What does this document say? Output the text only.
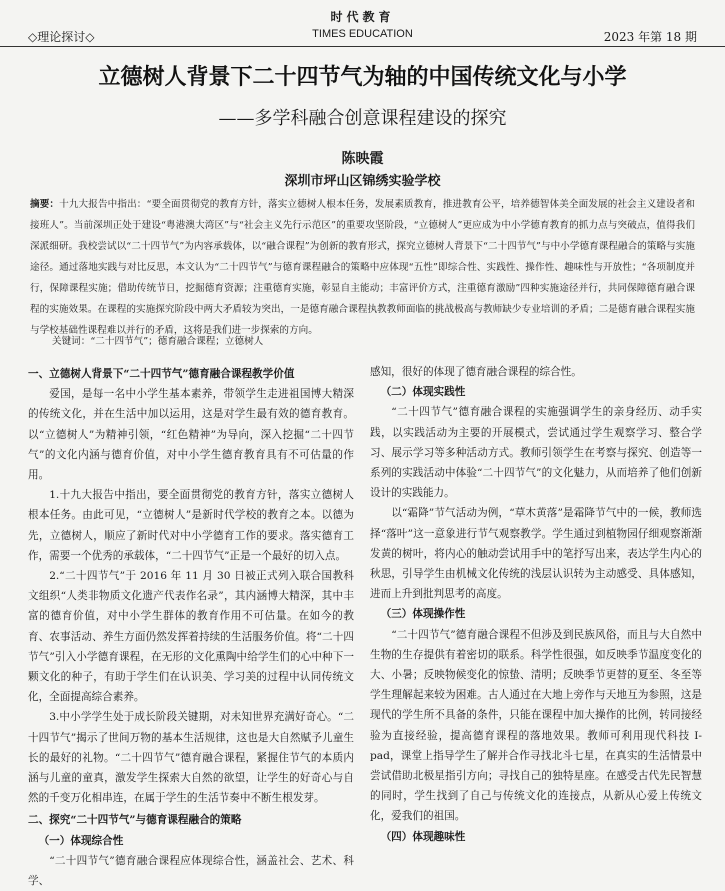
◇理论探讨◇
时代教育
TIMES EDUCATION	2023 年第 18 期
立德树人背景下二十四节气为轴的中国传统文化与小学
——多学科融合创意课程建设的探究
陈映霞
深圳市坪山区锦绣实验学校
摘要：十九大报告中指出：“要全面贯彻党的教育方针，落实立德树人根本任务，发展素质教育，推进教育公平，培养德智体美全面发展的社会主义建设者和接班人”。当前深圳正处于建设“粤港澳大湾区”与“社会主义先行示范区”的重要攻坚阶段，“立德树人”更应成为中小学德育教育的抓力点与突破点，值得我们深派细研。我校尝试以“二十四节气”为内容承载体，以“融合课程”为创新的教育形式，探究立德树人背景下“二十四节气”与中小学德育课程融合的策略与实施途径。通过落地实践与对比反思，本文认为“二十四节气”与德育课程融合的策略中应体现“五性”即综合性、实践性、操作性、趣味性与开放性；“各项制度并行，保障课程实施；借助传统节日，挖掘德育资源；注重德育实施，彰显自主能动；丰富评价方式，注重德育激励”四种实施途径并行，共同保障德育融合课程的实施效果。在课程的实施探究阶段中两大矛盾较为突出，一是德育融合课程执教教师面临的挑战极高与教师缺少专业培训的矛盾；二是德育融合课程实施与学校基础性课程难以并行的矛盾，这将是我们进一步探索的方向。
关键词：“二十四节气”；德育融合课程；立德树人

一、立德树人背景下“二十四节气”德育融合课程教学价值

爱国，是每一名中小学生基本素养，带领学生走进祖国博大精深的传统文化，并在生活中加以运用，这是对学生最有效的德育教育。以“立德树人”为精神引领，“红色精神”为导向，深入挖掘“二十四节气”的文化内涵与德育价值，对中小学生德育教育具有不可估量的作用。

1.十九大报告中指出，要全面贯彻党的教育方针，落实立德树人根本任务。由此可见，“立德树人”是新时代学校的教育之本。以德为先，立德树人，顺应了新时代对中小学德育工作的要求。落实德育工作，需要一个优秀的承载体，“二十四节气”正是一个最好的切入点。

2.“二十四节气”于 2016 年 11 月 30 日被正式列入联合国教科文组织“人类非物质文化遗产代表作名录”，其内涵博大精深，其中丰富的德育价值，对中小学生群体的教育作用不可估量。在如今的教育、农事活动、养生方面仍然发挥着持续的生活服务价值。将“二十四节气”引入小学德育课程，在无形的文化熏陶中给学生们的心中种下一颗文化的种子，有助于学生们在认识美、学习美的过程中认同传统文化，全面提高综合素养。

3.中小学学生处于成长阶段关键期，对未知世界充满好奇心。“二十四节气”揭示了世间万物的基本生活规律，这也是大自然赋予儿童生长的最好的礼物。“二十四节气”德育融合课程，紧握住节气的本质内涵与儿童的童真，激发学生探索大自然的欲望，让学生的好奇心与自然的千变万化相串连，在属于学生的生活节奏中不断生根发芽。

二、探究“二十四节气”与德育课程融合的策略

（一）体现综合性

“二十四节气”德育融合课程应体现综合性，涵盖社会、艺术、科学、

感知，很好的体现了德育融合课程的综合性。

（二）体现实践性

“二十四节气”德育融合课程的实施强调学生的亲身经历、动手实践，以实践活动为主要的开展模式，尝试通过学生观察学习、整合学习、展示学习等多种活动方式。教师引领学生在考察与探究、创造等一系列的实践活动中体验“二十四节气”的文化魅力，从而培养了他们创新设计的实践能力。

以“霜降”节气活动为例，“草木黄落”是霜降节气中的一候，教师选择“落叶”这一意象进行节气观察教学。学生通过到植物园仔细观察渐渐发黄的树叶，将内心的触动尝试用手中的笔抒写出来，表达学生内心的秋思，引导学生由机械文化传统的浅层认识转为主动感受、具体感知，进而上升到批判思考的高度。

（三）体现操作性

“二十四节气”德育融合课程不但涉及到民族风俗，而且与大自然中生物的生存提供有着密切的联系。科学性很强，如反映季节温度变化的大、小暑；反映物候变化的惊蛰、清明；反映季节更替的夏至、冬至等学生理解起来较为困难。古人通过在大地上旁作与天地互为参照，这是现代的学生所不具备的条件，只能在课程中加大操作的比例，转同接经验为直接经验，提高德育课程的落地效果。教师可利用现代科技 I-pad，课堂上指导学生了解并合作寻找北斗七星，在真实的生活情景中尝试借助北极星指引方向；寻找自己的独特星座。在感受古代先民智慧的同时，学生找到了自己与传统文化的连接点，从新从心爱上传统文化，爱我们的祖国。

（四）体现趣味性
